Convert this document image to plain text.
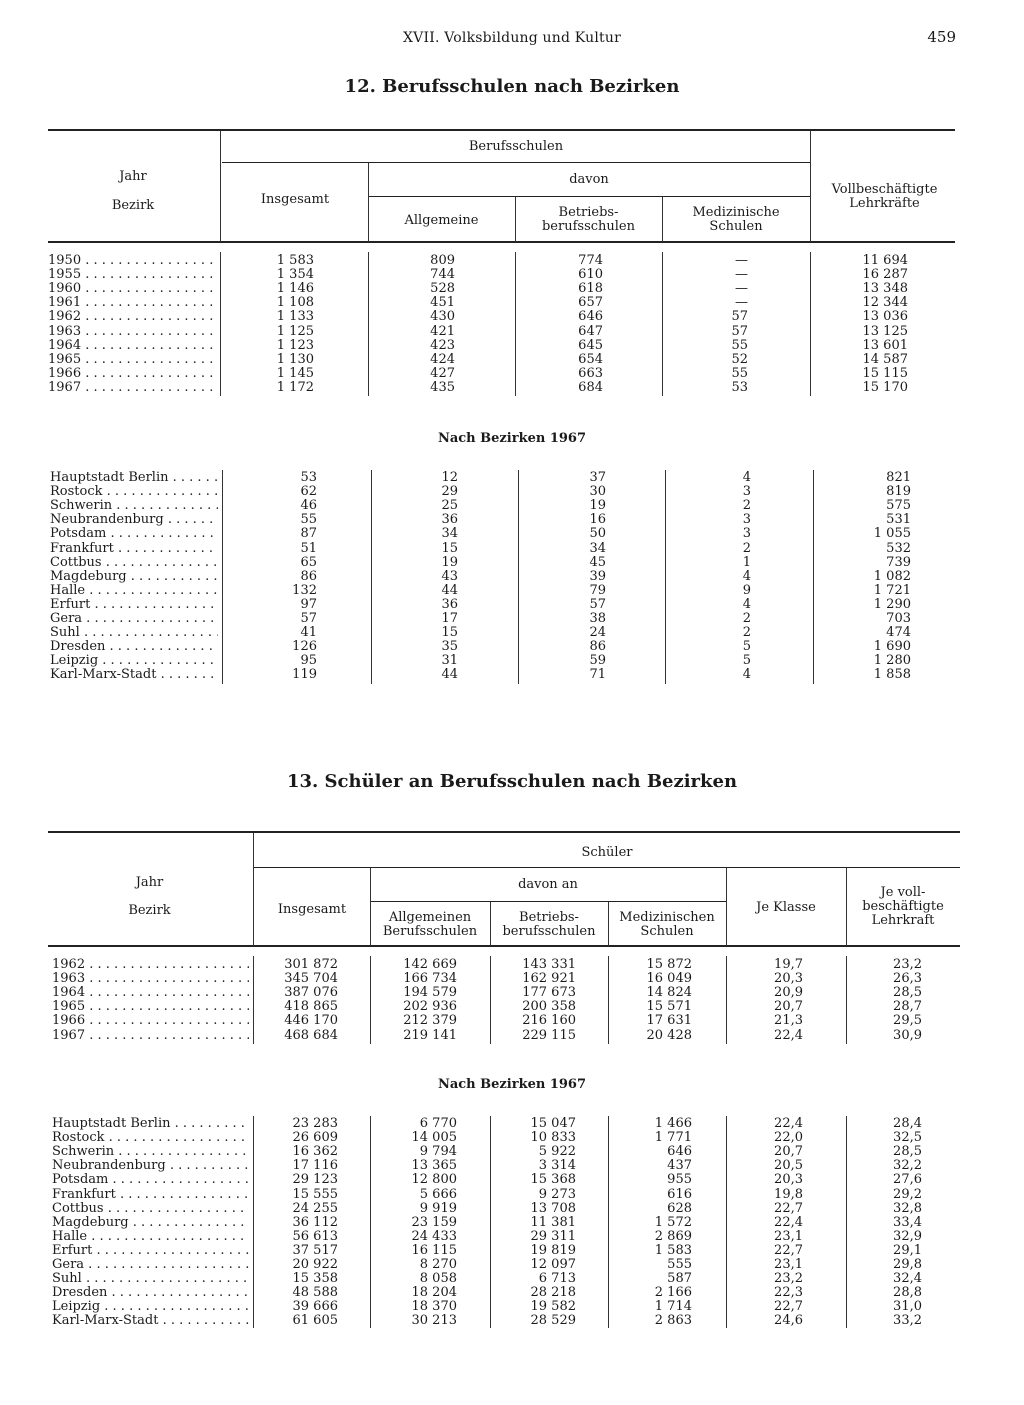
XVII. Volksbildung und Kultur	459
12. Berufsschulen nach Bezirken
Jahr
Bezirk
Berufsschulen
Insgesamt
davon
Allgemeine
Betriebs-
berufsschulen
Medizinische
Schulen
Vollbeschäftigte
Lehrkräfte
1950 . . .	1 583	809	774	—	11 694
1955 . . .	1 354	744	610	—	16 287
1960 . . .	1 146	528	618	—	13 348
1961 . . .	1 108	451	657	—	12 344
1962 . . .	1 133	430	646	57	13 036
1963 . . .	1 125	421	647	57	13 125
1964 . . .	1 123	423	645	55	13 601
1965 . . .	1 130	424	654	52	14 587
1966 . . .	1 145	427	663	55	15 115
1967 . . .	1 172	435	684	53	15 170
Nach Bezirken 1967
Hauptstadt Berlin . . .	53	12	37	4	821
Rostock . . .	62	29	30	3	819
Schwerin . . .	46	25	19	2	575
Neubrandenburg . . .	55	36	16	3	531
Potsdam . . .	87	34	50	3	1 055
Frankfurt . . .	51	15	34	2	532
Cottbus . . .	65	19	45	1	739
Magdeburg . . .	86	43	39	4	1 082
Halle . . .	132	44	79	9	1 721
Erfurt . . .	97	36	57	4	1 290
Gera . . .	57	17	38	2	703
Suhl . . .	41	15	24	2	474
Dresden . . .	126	35	86	5	1 690
Leipzig . . .	95	31	59	5	1 280
Karl-Marx-Stadt . . .	119	44	71	4	1 858
13. Schüler an Berufsschulen nach Bezirken
Jahr
Bezirk
Schüler
Insgesamt
davon an
Allgemeinen
Berufsschulen
Betriebs-
berufsschulen
Medizinischen
Schulen
Je Klasse
Je voll-
beschäftigte
Lehrkraft
1962 . . .	301 872	142 669	143 331	15 872	19,7	23,2
1963 . . .	345 704	166 734	162 921	16 049	20,3	26,3
1964 . . .	387 076	194 579	177 673	14 824	20,9	28,5
1965 . . .	418 865	202 936	200 358	15 571	20,7	28,7
1966 . . .	446 170	212 379	216 160	17 631	21,3	29,5
1967 . . .	468 684	219 141	229 115	20 428	22,4	30,9
Nach Bezirken 1967
Hauptstadt Berlin . . .	23 283	6 770	15 047	1 466	22,4	28,4
Rostock . . .	26 609	14 005	10 833	1 771	22,0	32,5
Schwerin . . .	16 362	9 794	5 922	646	20,7	28,5
Neubrandenburg . . .	17 116	13 365	3 314	437	20,5	32,2
Potsdam . . .	29 123	12 800	15 368	955	20,3	27,6
Frankfurt . . .	15 555	5 666	9 273	616	19,8	29,2
Cottbus . . .	24 255	9 919	13 708	628	22,7	32,8
Magdeburg . . .	36 112	23 159	11 381	1 572	22,4	33,4
Halle . . .	56 613	24 433	29 311	2 869	23,1	32,9
Erfurt . . .	37 517	16 115	19 819	1 583	22,7	29,1
Gera . . .	20 922	8 270	12 097	555	23,1	29,8
Suhl . . .	15 358	8 058	6 713	587	23,2	32,4
Dresden . . .	48 588	18 204	28 218	2 166	22,3	28,8
Leipzig . . .	39 666	18 370	19 582	1 714	22,7	31,0
Karl-Marx-Stadt . . .	61 605	30 213	28 529	2 863	24,6	33,2
